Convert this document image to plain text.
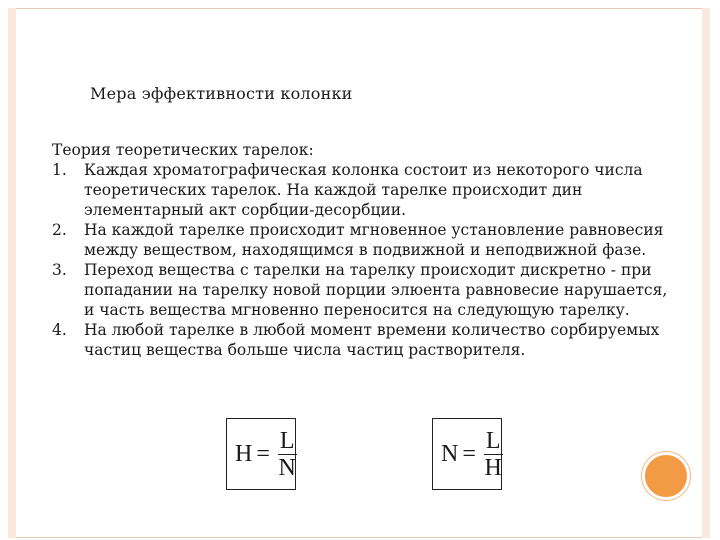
Мера эффективности колонки
Теория теоретических тарелок:
1. Каждая хроматографическая колонка состоит из некоторого числа
теоретических тарелок. На каждой тарелке происходит дин
элементарный акт сорбции-десорбции.
2. На каждой тарелке происходит мгновенное установление равновесия
между веществом, находящимся в подвижной и неподвижной фазе.
3. Переход вещества с тарелки на тарелку происходит дискретно - при
попадании на тарелку новой порции элюента равновесие нарушается,
и часть вещества мгновенно переносится на следующую тарелку.
4. На любой тарелке в любой момент времени количество сорбируемых
частиц вещества больше числа частиц растворителя.
$H = \frac{L}{N}$	$N = \frac{L}{H}$
